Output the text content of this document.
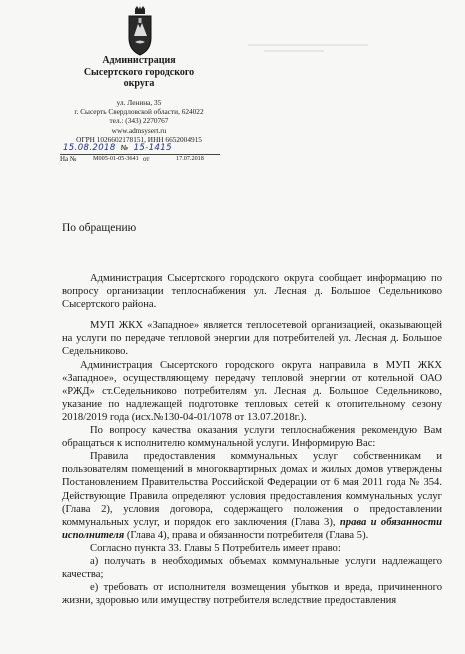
Администрация
Сысертского городского
округа
ул. Ленина, 35
г. Сысерть Свердловской области, 624022
тел.: (343) 2270767
www.admsysert.ru
ОГРН 1026602178151, ИНН 6652004915
15.08.2018 № 15-1415
На №	М005-01-05-3641 от	17.07.2018
По обращению

Администрация Сысертского городского округа сообщает информацию по вопросу организации теплоснабжения ул. Лесная д. Большое Седельниково Сысертского района.

МУП ЖКХ «Западное» является теплосетевой организацией, оказывающей на услуги по передаче тепловой энергии для потребителей ул. Лесная д. Большое Седельниково.

Администрация Сысертского городского округа направила в МУП ЖКХ «Западное», осуществляющему передачу тепловой энергии от котельной ОАО «РЖД» ст.Седельниково потребителям ул. Лесная д. Большое Седельниково, указание по надлежащей подготовке тепловых сетей к отопительному сезону 2018/2019 года (исх.№130-04-01/1078 от 13.07.2018г.).

По вопросу качества оказания услуги теплоснабжения рекомендую Вам обращаться к исполнителю коммунальной услуги. Информирую Вас:

Правила предоставления коммунальных услуг собственникам и пользователям помещений в многоквартирных домах и жилых домов утверждены Постановлением Правительства Российской Федерации от 6 мая 2011 года № 354. Действующие Правила определяют условия предоставления коммунальных услуг (Глава 2), условия договора, содержащего положения о предоставлении коммунальных услуг, и порядок его заключения (Глава 3), права и обязанности исполнителя (Глава 4), права и обязанности потребителя (Глава 5).

Согласно пункта 33. Главы 5 Потребитель имеет право:

а) получать в необходимых объемах коммунальные услуги надлежащего качества;

е) требовать от исполнителя возмещения убытков и вреда, причиненного жизни, здоровью или имуществу потребителя вследствие предоставления
